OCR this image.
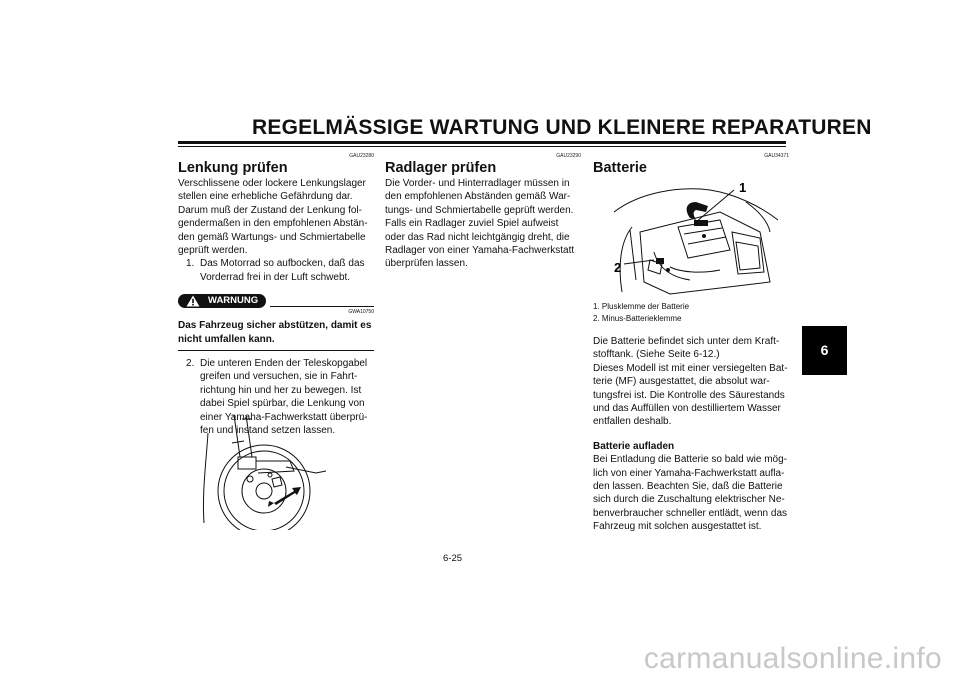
REGELMÄSSIGE WARTUNG UND KLEINERE REPARATUREN
GAU23280
Lenkung prüfen
Verschlissene oder lockere Lenkungslager
stellen eine erhebliche Gefährdung dar.
Darum muß der Zustand der Lenkung fol-
gendermaßen in den empfohlenen Abstän-
den gemäß Wartungs- und Schmiertabelle
geprüft werden.
1. Das Motorrad so aufbocken, daß das
Vorderrad frei in der Luft schwebt.
WARNUNG
GWA10750
Das Fahrzeug sicher abstützen, damit es
nicht umfallen kann.
2. Die unteren Enden der Teleskopgabel
greifen und versuchen, sie in Fahrt-
richtung hin und her zu bewegen. Ist
dabei Spiel spürbar, die Lenkung von
einer Yamaha-Fachwerkstatt überprü-
fen und instand setzen lassen.
GAU23290
Radlager prüfen
Die Vorder- und Hinterradlager müssen in
den empfohlenen Abständen gemäß War-
tungs- und Schmiertabelle geprüft werden.
Falls ein Radlager zuviel Spiel aufweist
oder das Rad nicht leichtgängig dreht, die
Radlager von einer Yamaha-Fachwerkstatt
überprüfen lassen.
GAU34371
Batterie
1
2
1. Plusklemme der Batterie
2. Minus-Batterieklemme
Die Batterie befindet sich unter dem Kraft-
stofftank. (Siehe Seite 6-12.)
Dieses Modell ist mit einer versiegelten Bat-
terie (MF) ausgestattet, die absolut war-
tungsfrei ist. Die Kontrolle des Säurestands
und das Auffüllen von destilliertem Wasser
entfallen deshalb.
Batterie aufladen
Bei Entladung die Batterie so bald wie mög-
lich von einer Yamaha-Fachwerkstatt aufla-
den lassen. Beachten Sie, daß die Batterie
sich durch die Zuschaltung elektrischer Ne-
benverbraucher schneller entlädt, wenn das
Fahrzeug mit solchen ausgestattet ist.
6-25
6
carmanualsonline.info
